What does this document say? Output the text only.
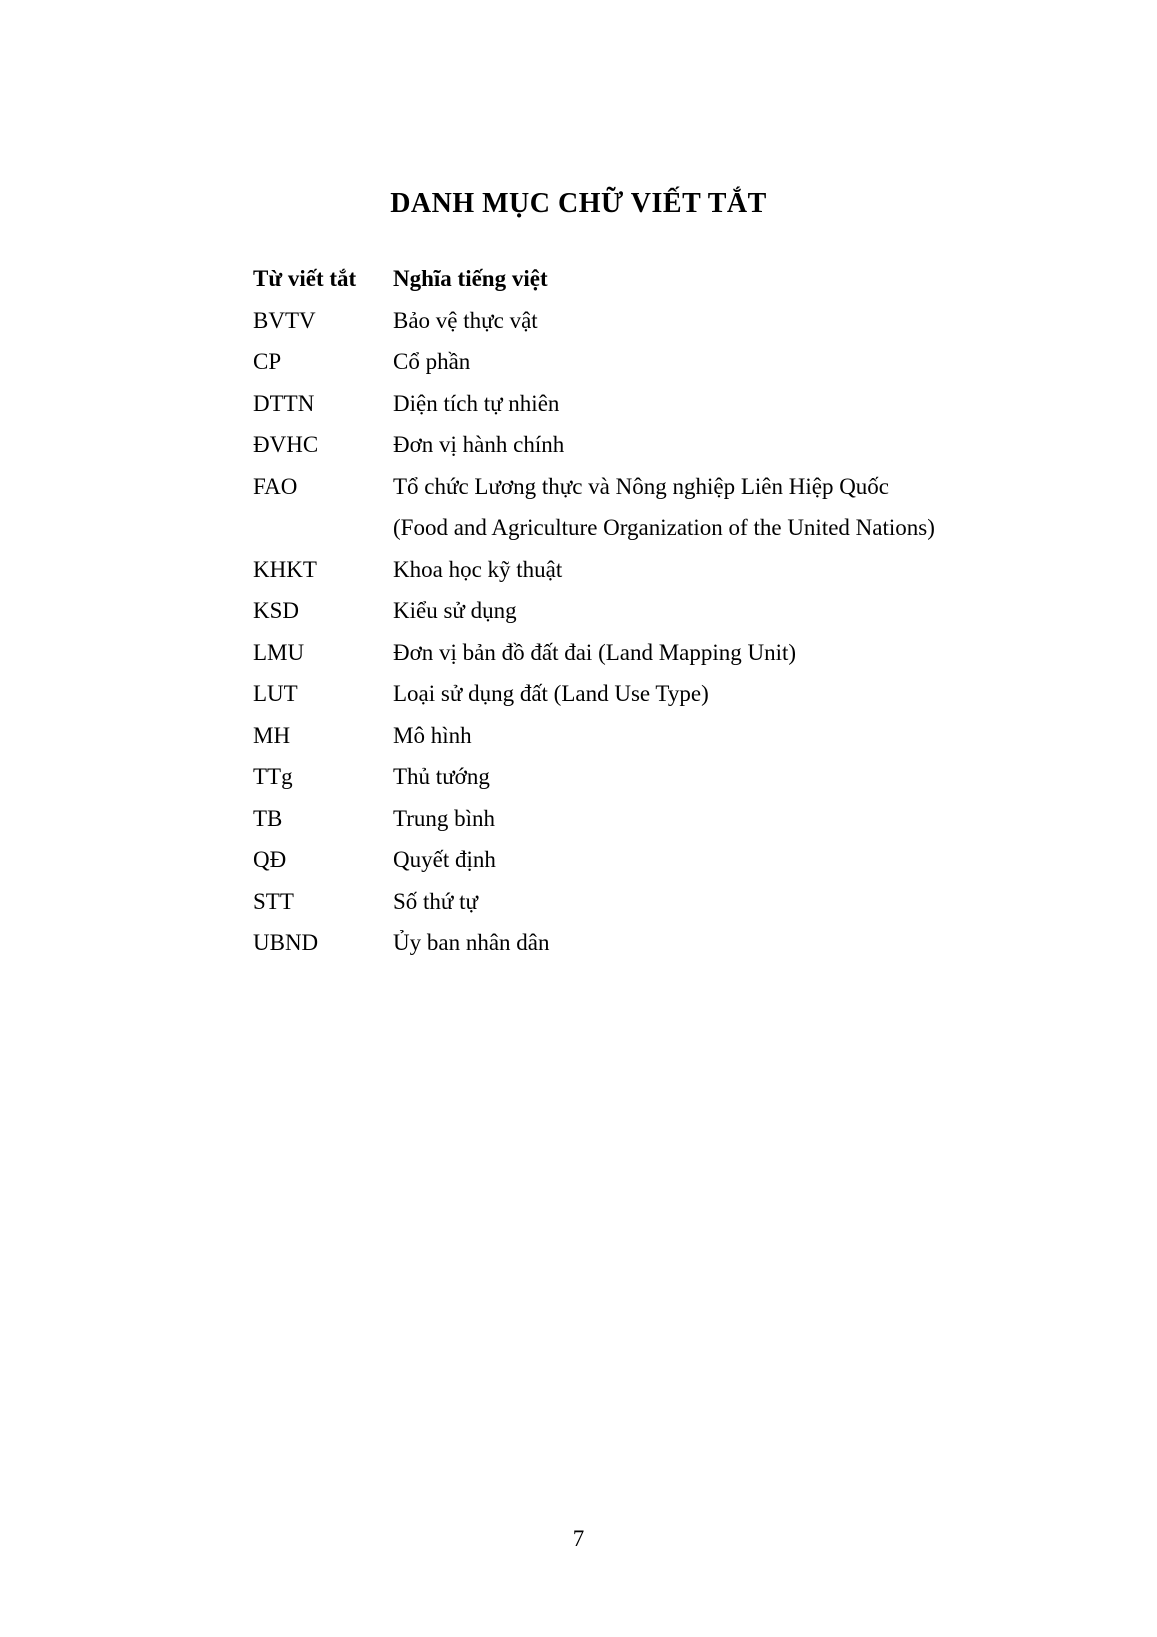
DANH MỤC CHỮ VIẾT TẮT
Từ viết tắt	Nghĩa tiếng việt
BVTV	Bảo vệ thực vật
CP	Cổ phần
DTTN	Diện tích tự nhiên
ĐVHC	Đơn vị hành chính
FAO	Tổ chức Lương thực và Nông nghiệp Liên Hiệp Quốc
(Food and Agriculture Organization of the United Nations)
KHKT	Khoa học kỹ thuật
KSD	Kiểu sử dụng
LMU	Đơn vị bản đồ đất đai (Land Mapping Unit)
LUT	Loại sử dụng đất (Land Use Type)
MH	Mô hình
TTg	Thủ tướng
TB	Trung bình
QĐ	Quyết định
STT	Số thứ tự
UBND	Ủy ban nhân dân
7
